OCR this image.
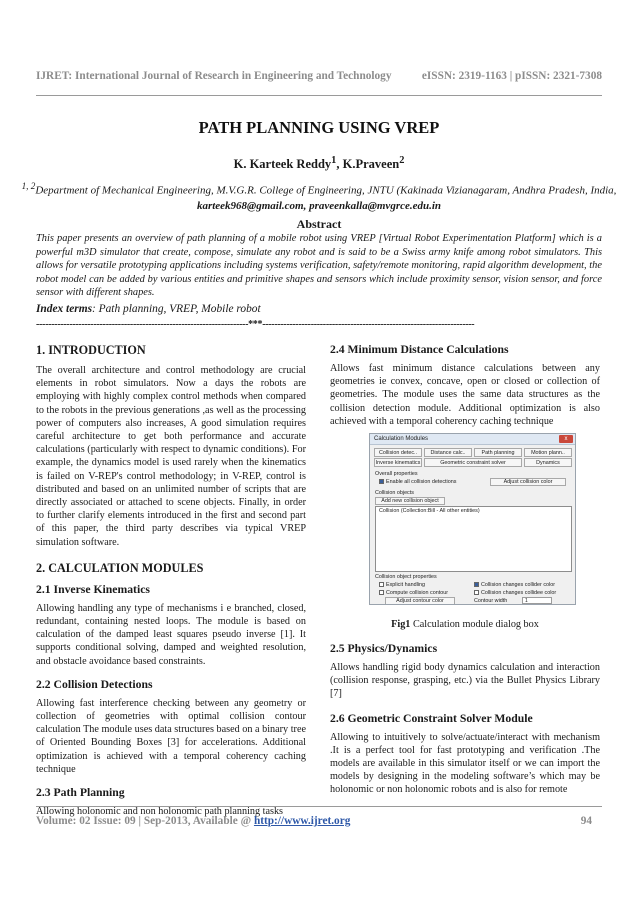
IJRET: International Journal of Research in Engineering and Technology	eISSN: 2319-1163 | pISSN: 2321-7308
PATH PLANNING USING VREP
K. Karteek Reddy$^1$, K.Praveen$^2$
$^{1, 2}$Department of Mechanical Engineering, M.V.G.R. College of Engineering, JNTU (Kakinada Vizianagaram, Andhra Pradesh, India, karteek968@gmail.com, praveenkalla@mvgrce.edu.in
Abstract
This paper presents an overview of path planning of a mobile robot using VREP [Virtual Robot Experimentation Platform] which is a powerful m3D simulator that create, compose, simulate any robot and is said to be a Swiss army knife among robot simulators. This allows for versatile prototyping applications including systems verification, safety/remote monitoring, rapid algorithm development, the robot model can be added by various entities and primitive shapes and sensors which include proximity sensor, vision sensor, and force sensor with different shapes.
Index terms: Path planning, VREP, Mobile robot
----------------------------------------------------------------------***----------------------------------------------------------------------
1. INTRODUCTION
The overall architecture and control methodology are crucial elements in robot simulators. Now a days the robots are employing with highly complex control methods when compared to the robots in the previous generations ,as well as the processing power of computers also increases, A good simulation requires careful architecture to get both performance and accurate calculations (particularly with respect to dynamic conditions). For example, the dynamics model is used rarely when the kinematics is failed on V-REP's control methodology; in V-REP, control is distributed and based on an unlimited number of scripts that are directly associated or attached to scene objects. Finally, in order to further clarify elements introduced in the first and second part of this paper, the third party describes via typical VREP simulation software.
2. CALCULATION MODULES
2.1 Inverse Kinematics
Allowing handling any type of mechanisms i e branched, closed, redundant, containing nested loops. The module is based on calculation of the damped least squares pseudo inverse [1]. It supports conditional solving, damped and weighted resolution, and obstacle avoidance based constraints.
2.2 Collision Detections
Allowing fast interference checking between any geometry or collection of geometries with optimal collision contour calculation The module uses data structures based on a binary tree of Oriented Bounding Boxes [3] for accelerations. Additional optimization is achieved with a temporal coherency caching technique
2.3 Path Planning
Allowing holonomic and non holonomic path planning tasks
2.4 Minimum Distance Calculations
Allows fast minimum distance calculations between any geometries ie convex, concave, open or closed or collection of geometries. The module uses the same data structures as the collision detection module. Additional optimization is also achieved with a temporal coherency caching technique
Calculation Modules	x
Collision detec..	Distance calc..	Path planning	Motion plann..
Inverse kinematics	Geometric constraint solver	Dynamics
Overall properties
Enable all collision detections	Adjust collision color
Collision objects
Add new collision object
Collision (Collection:Bill - All other entities)
Collision object properties
Explicit handling	Collision changes collider color
Compute collision contour	Collision changes collidee color
Adjust contour color	Contour width	1
Fig1 Calculation module dialog box
2.5 Physics/Dynamics
Allows handling rigid body dynamics calculation and interaction (collision response, grasping, etc.) via the Bullet Physics Library [7]
2.6 Geometric Constraint Solver Module
Allowing to intuitively to solve/actuate/interact with mechanism .It is a perfect tool for fast prototyping and verification .The models are available in this simulator itself or we can import the models by designing in the modeling software’s which may be holonomic or non holonomic robots and is also for remote
Volume: 02 Issue: 09 | Sep-2013, Available @ http://www.ijret.org	94
